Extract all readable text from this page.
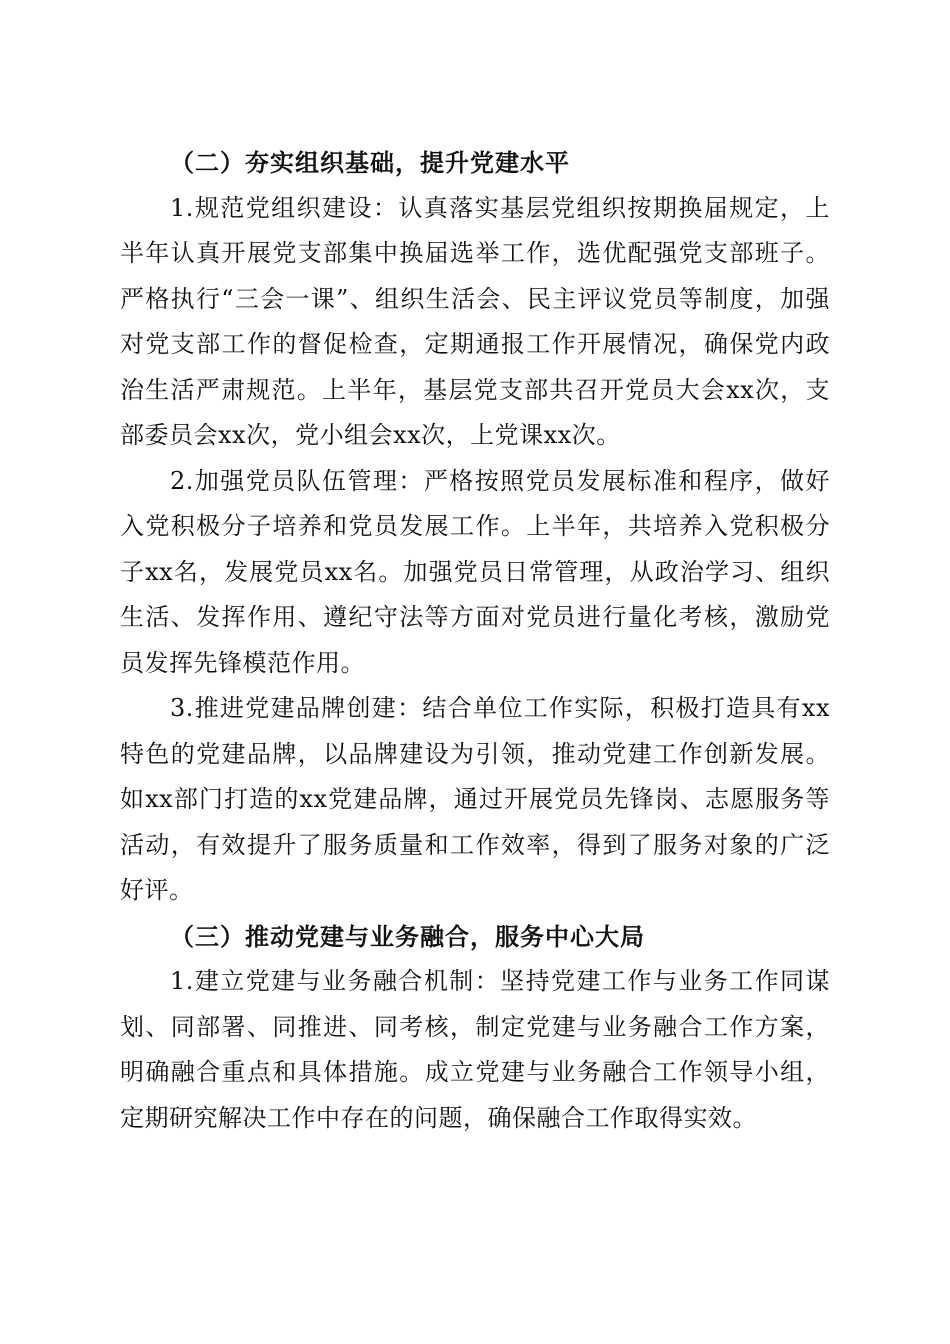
（二）夯实组织基础，提升党建水平

1.规范党组织建设：认真落实基层党组织按期换届规定，上半年认真开展党支部集中换届选举工作，选优配强党支部班子。严格执行“三会一课”、组织生活会、民主评议党员等制度，加强对党支部工作的督促检查，定期通报工作开展情况，确保党内政治生活严肃规范。上半年，基层党支部共召开党员大会xx次，支部委员会xx次，党小组会xx次，上党课xx次。

2.加强党员队伍管理：严格按照党员发展标准和程序，做好入党积极分子培养和党员发展工作。上半年，共培养入党积极分子xx名，发展党员xx名。加强党员日常管理，从政治学习、组织生活、发挥作用、遵纪守法等方面对党员进行量化考核，激励党员发挥先锋模范作用。

3.推进党建品牌创建：结合单位工作实际，积极打造具有xx特色的党建品牌，以品牌建设为引领，推动党建工作创新发展。如xx部门打造的xx党建品牌，通过开展党员先锋岗、志愿服务等活动，有效提升了服务质量和工作效率，得到了服务对象的广泛好评。

（三）推动党建与业务融合，服务中心大局

1.建立党建与业务融合机制：坚持党建工作与业务工作同谋划、同部署、同推进、同考核，制定党建与业务融合工作方案，明确融合重点和具体措施。成立党建与业务融合工作领导小组，定期研究解决工作中存在的问题，确保融合工作取得实效。
